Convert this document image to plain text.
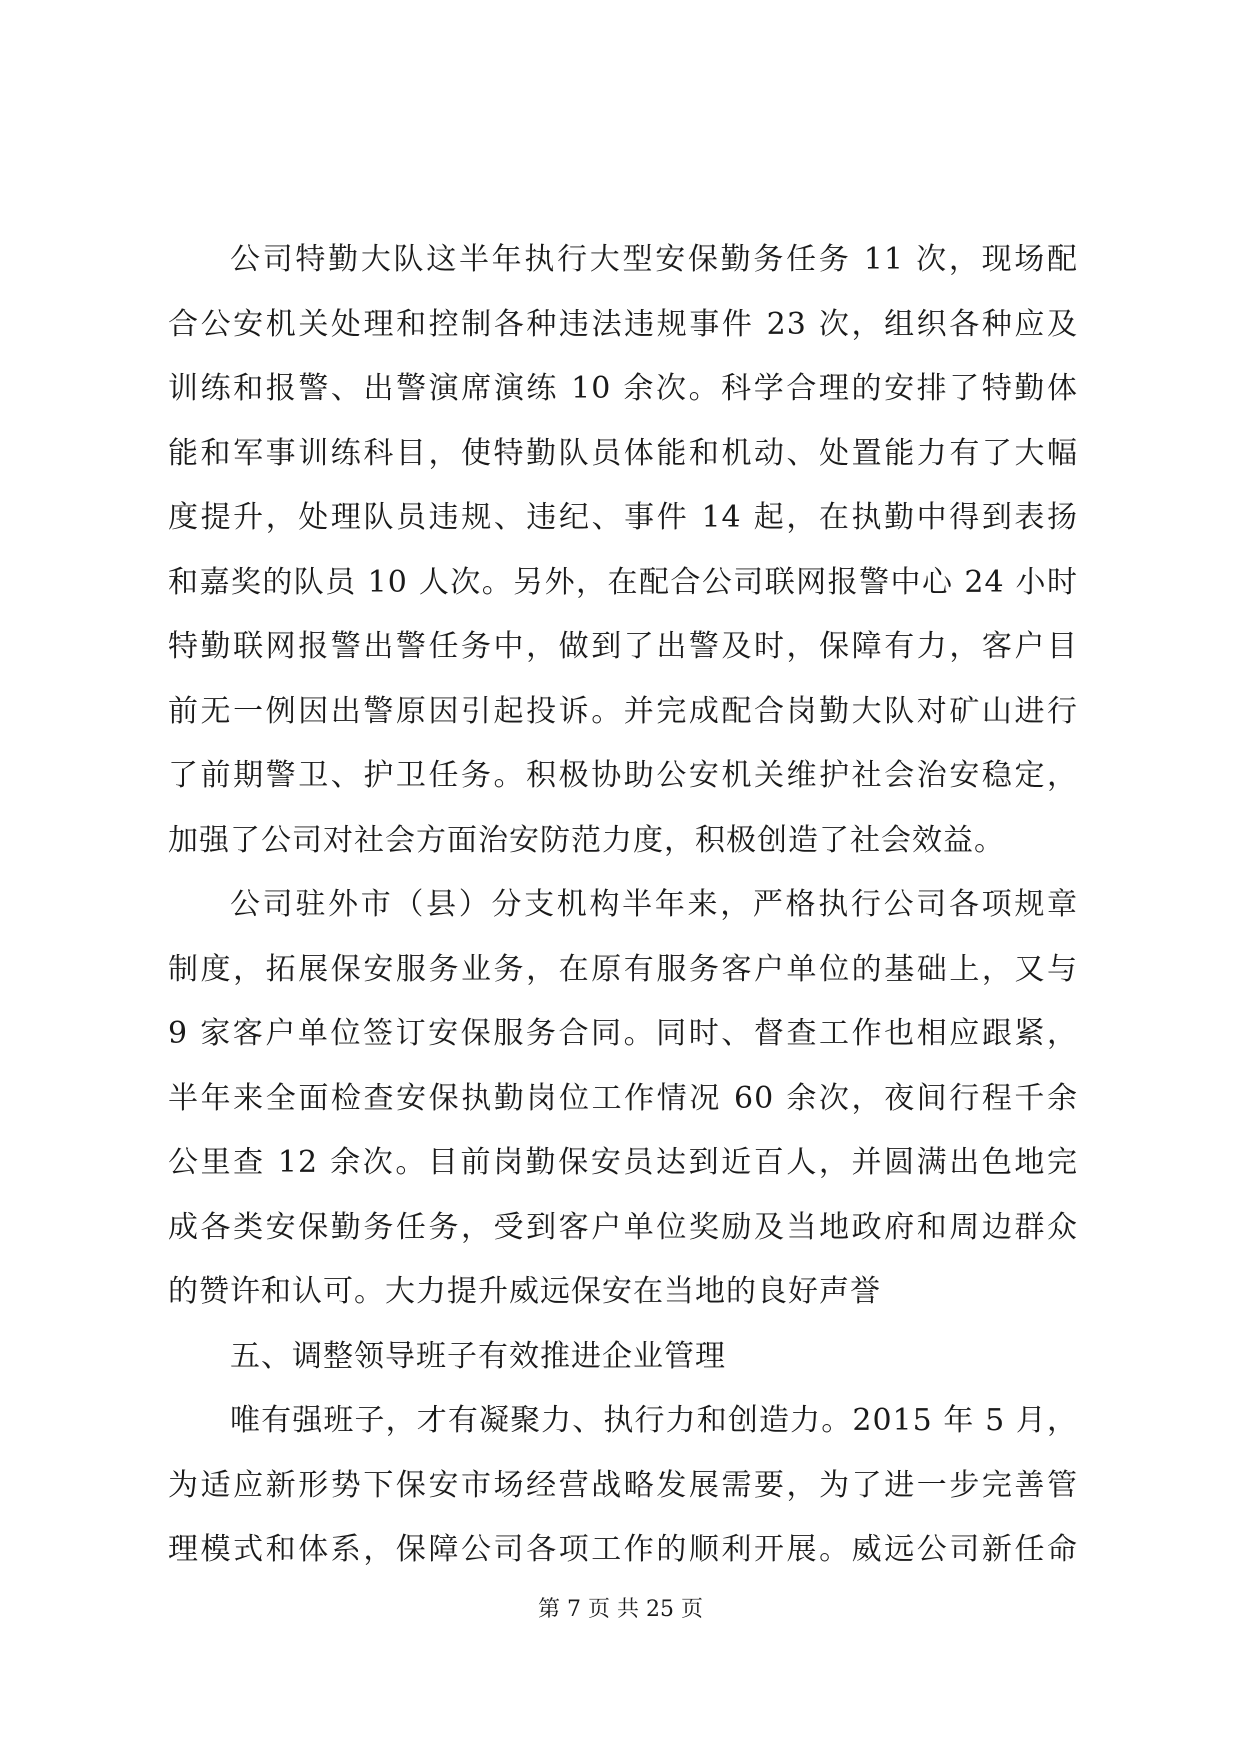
公司特勤大队这半年执行大型安保勤务任务 11 次，现场配
合公安机关处理和控制各种违法违规事件 23 次，组织各种应及
训练和报警、出警演席演练 10 余次。科学合理的安排了特勤体
能和军事训练科目，使特勤队员体能和机动、处置能力有了大幅
度提升，处理队员违规、违纪、事件 14 起，在执勤中得到表扬
和嘉奖的队员 10 人次。另外，在配合公司联网报警中心 24 小时
特勤联网报警出警任务中，做到了出警及时，保障有力，客户目
前无一例因出警原因引起投诉。并完成配合岗勤大队对矿山进行
了前期警卫、护卫任务。积极协助公安机关维护社会治安稳定，
加强了公司对社会方面治安防范力度，积极创造了社会效益。
公司驻外市（县）分支机构半年来，严格执行公司各项规章
制度，拓展保安服务业务，在原有服务客户单位的基础上，又与
9 家客户单位签订安保服务合同。同时、督查工作也相应跟紧，
半年来全面检查安保执勤岗位工作情况 60 余次，夜间行程千余
公里查 12 余次。目前岗勤保安员达到近百人，并圆满出色地完
成各类安保勤务任务，受到客户单位奖励及当地政府和周边群众
的赞许和认可。大力提升威远保安在当地的良好声誉
五、调整领导班子有效推进企业管理
唯有强班子，才有凝聚力、执行力和创造力。2015 年 5 月，
为适应新形势下保安市场经营战略发展需要，为了进一步完善管
理模式和体系，保障公司各项工作的顺利开展。威远公司新任命
第 7 页 共 25 页
